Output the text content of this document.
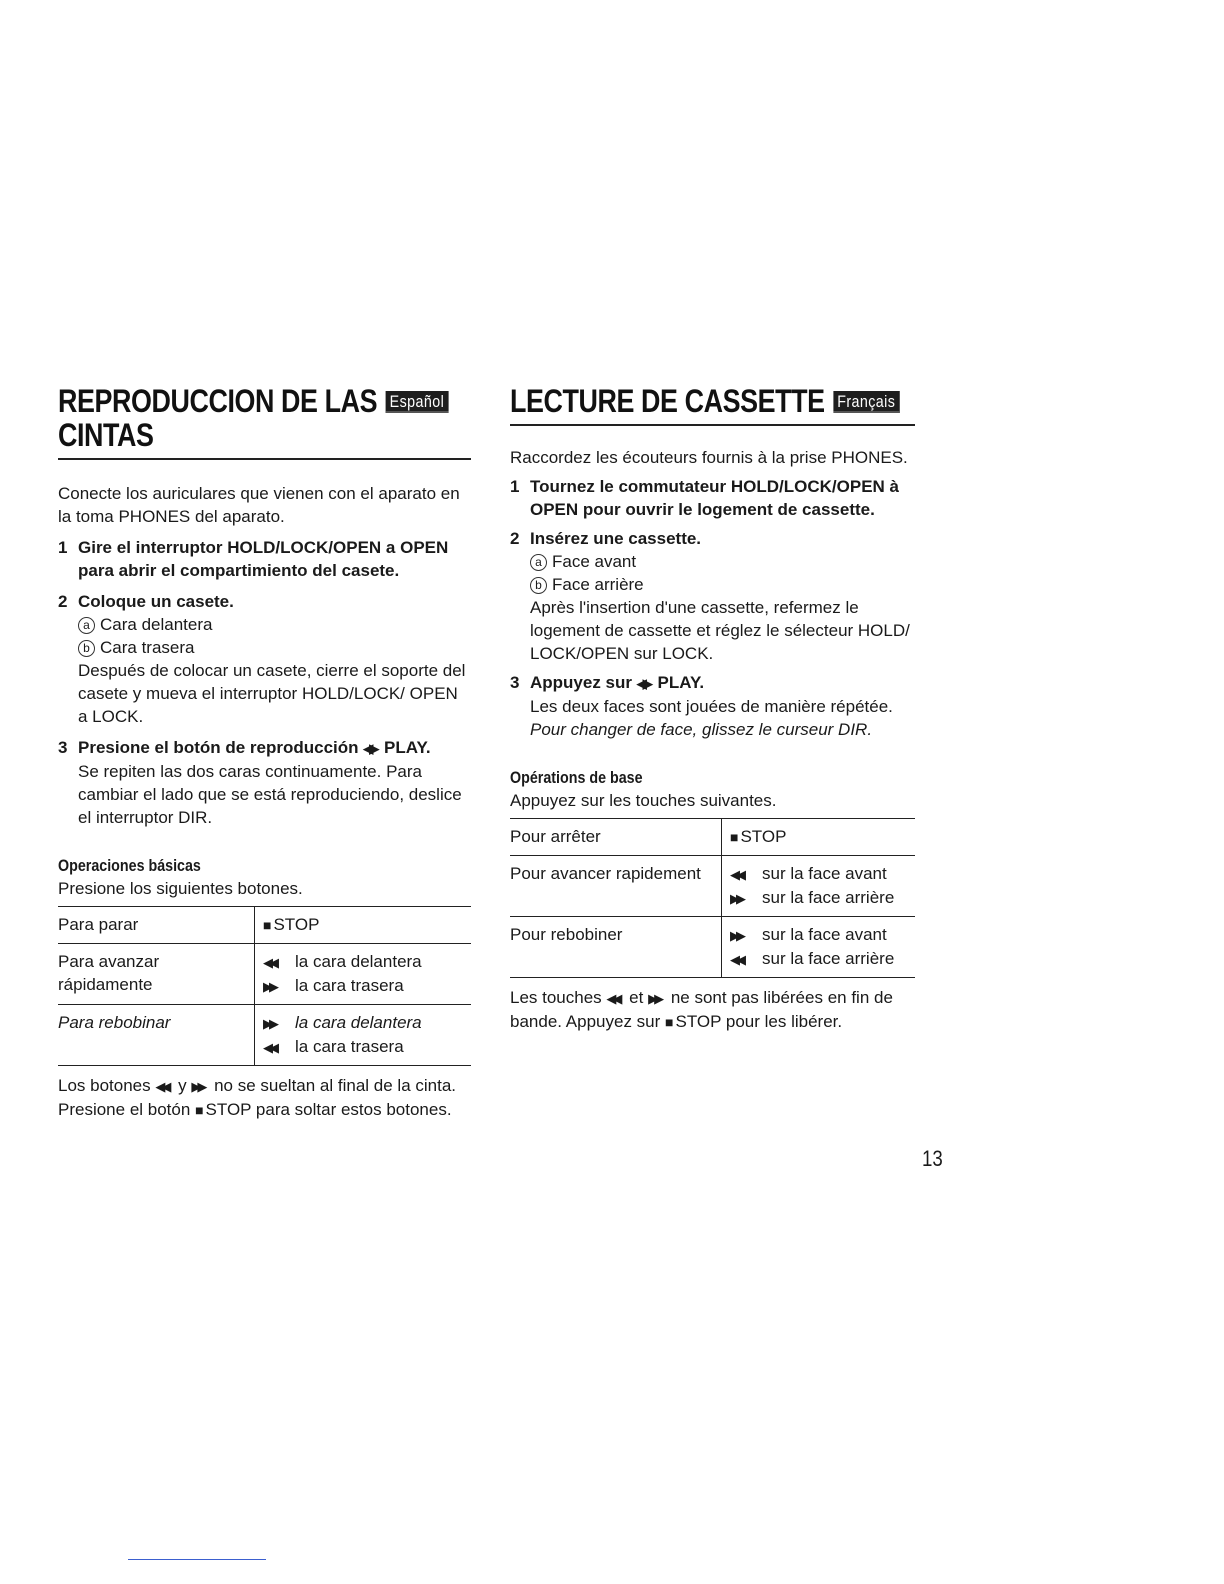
REPRODUCCION DE LAS Español
CINTAS

Conecte los auriculares que vienen con el aparato en la toma PHONES del aparato.

1 Gire el interruptor HOLD/LOCK/OPEN a OPEN para abrir el compartimiento del casete.
2 Coloque un casete.
a Cara delantera
b Cara trasera
Después de colocar un casete, cierre el soporte del casete y mueva el interruptor HOLD/LOCK/ OPEN a LOCK.
3 Presione el botón de reproducción ◀▶ PLAY.
Se repiten las dos caras continuamente. Para cambiar el lado que se está reproduciendo, deslice el interruptor DIR.
Operaciones básicas

Presione los siguientes botones.

Para parar	■ STOP
Para avanzar rápidamente	◀◀ la cara delantera
▶▶ la cara trasera

Para rebobinar	▶▶ la cara delantera
◀◀ la cara trasera

Los botones ◀◀ y ▶▶ no se sueltan al final de la cinta. Presione el botón ■ STOP para soltar estos botones.

LECTURE DE CASSETTE Français

Raccordez les écouteurs fournis à la prise PHONES.

1 Tournez le commutateur HOLD/LOCK/OPEN à OPEN pour ouvrir le logement de cassette.
2 Insérez une cassette.
a Face avant
b Face arrière
Après l'insertion d'une cassette, refermez le logement de cassette et réglez le sélecteur HOLD/ LOCK/OPEN sur LOCK.
3 Appuyez sur ◀▶ PLAY.
Les deux faces sont jouées de manière répétée.
Pour changer de face, glissez le curseur DIR.
Opérations de base

Appuyez sur les touches suivantes.

Pour arrêter	■ STOP
Pour avancer rapidement	◀◀ sur la face avant
▶▶ sur la face arrière

Pour rebobiner	▶▶ sur la face avant
◀◀ sur la face arrière

Les touches ◀◀ et ▶▶ ne sont pas libérées en fin de bande. Appuyez sur ■ STOP pour les libérer.

13
